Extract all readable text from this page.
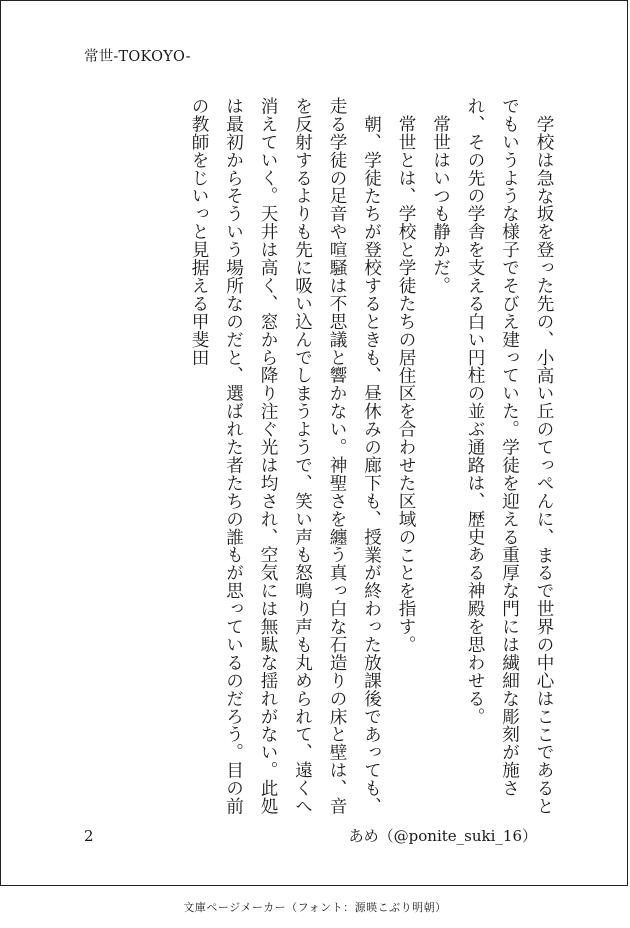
常世-TOKOYO-

学校は急な坂を登った先の、小高い丘のてっぺんに、まるで世界の中心はここであるとでもいうような様子でそびえ建っていた。学徒を迎える重厚な門には繊細な彫刻が施され、その先の学舎を支える白い円柱の並ぶ通路は、歴史ある神殿を思わせる。

常世はいつも静かだ。

常世とは、学校と学徒たちの居住区を合わせた区域のことを指す。

朝、学徒たちが登校するときも、昼休みの廊下も、授業が終わった放課後であっても、走る学徒の足音や喧騒は不思議と響かない。神聖さを纏う真っ白な石造りの床と壁は、音を反射するよりも先に吸い込んでしまうようで、笑い声も怒鳴り声も丸められて、遠くへ消えていく。天井は高く、窓から降り注ぐ光は均され、空気には無駄な揺れがない。此処は最初からそういう場所なのだと、選ばれた者たちの誰もが思っているのだろう。目の前の教師をじいっと見据える甲斐田

2	あめ（@ponite_suki_16）
文庫ページメーカー（フォント：源暎こぶり明朝）
